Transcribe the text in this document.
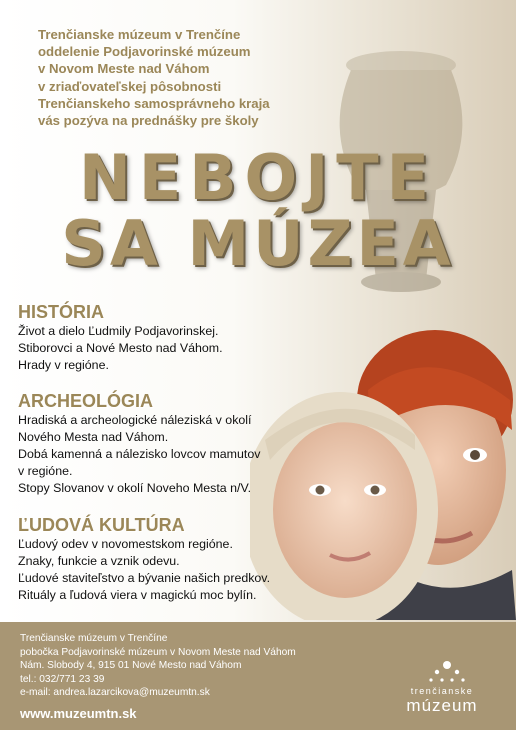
Trenčianske múzeum v Trenčíne
oddelenie Podjavorinské múzeum
v Novom Meste nad Váhom
v zriaďovateľskej pôsobnosti
Trenčianskeho samosprávneho kraja
vás pozýva na prednášky pre školy
NEBOJTE
SA MÚZEA
HISTÓRIA
Život a dielo Ľudmily Podjavorinskej.
Stiborovci a Nové Mesto nad Váhom.
Hrady v regióne.
ARCHEOLÓGIA
Hradiská a archeologické náleziská v okolí
Nového Mesta nad Váhom.
Dobá kamenná a nálezisko lovcov mamutov
v regióne.
Stopy Slovanov v okolí Noveho Mesta n/V.
ĽUDOVÁ KULTÚRA
Ľudový odev v novomestskom regióne.
Znaky, funkcie a vznik odevu.
Ľudové staviteľstvo a bývanie našich predkov.
Rituály a ľudová viera v magickú moc bylín.
Trenčianske múzeum v Trenčíne
pobočka Podjavorinské múzeum v Novom Meste nad Váhom
Nám. Slobody 4, 915 01 Nové Mesto nad Váhom
tel.: 032/771 23 39
e-mail: andrea.lazarcikova@muzeumtn.sk
www.muzeumtn.sk
trenčianske
múzeum
